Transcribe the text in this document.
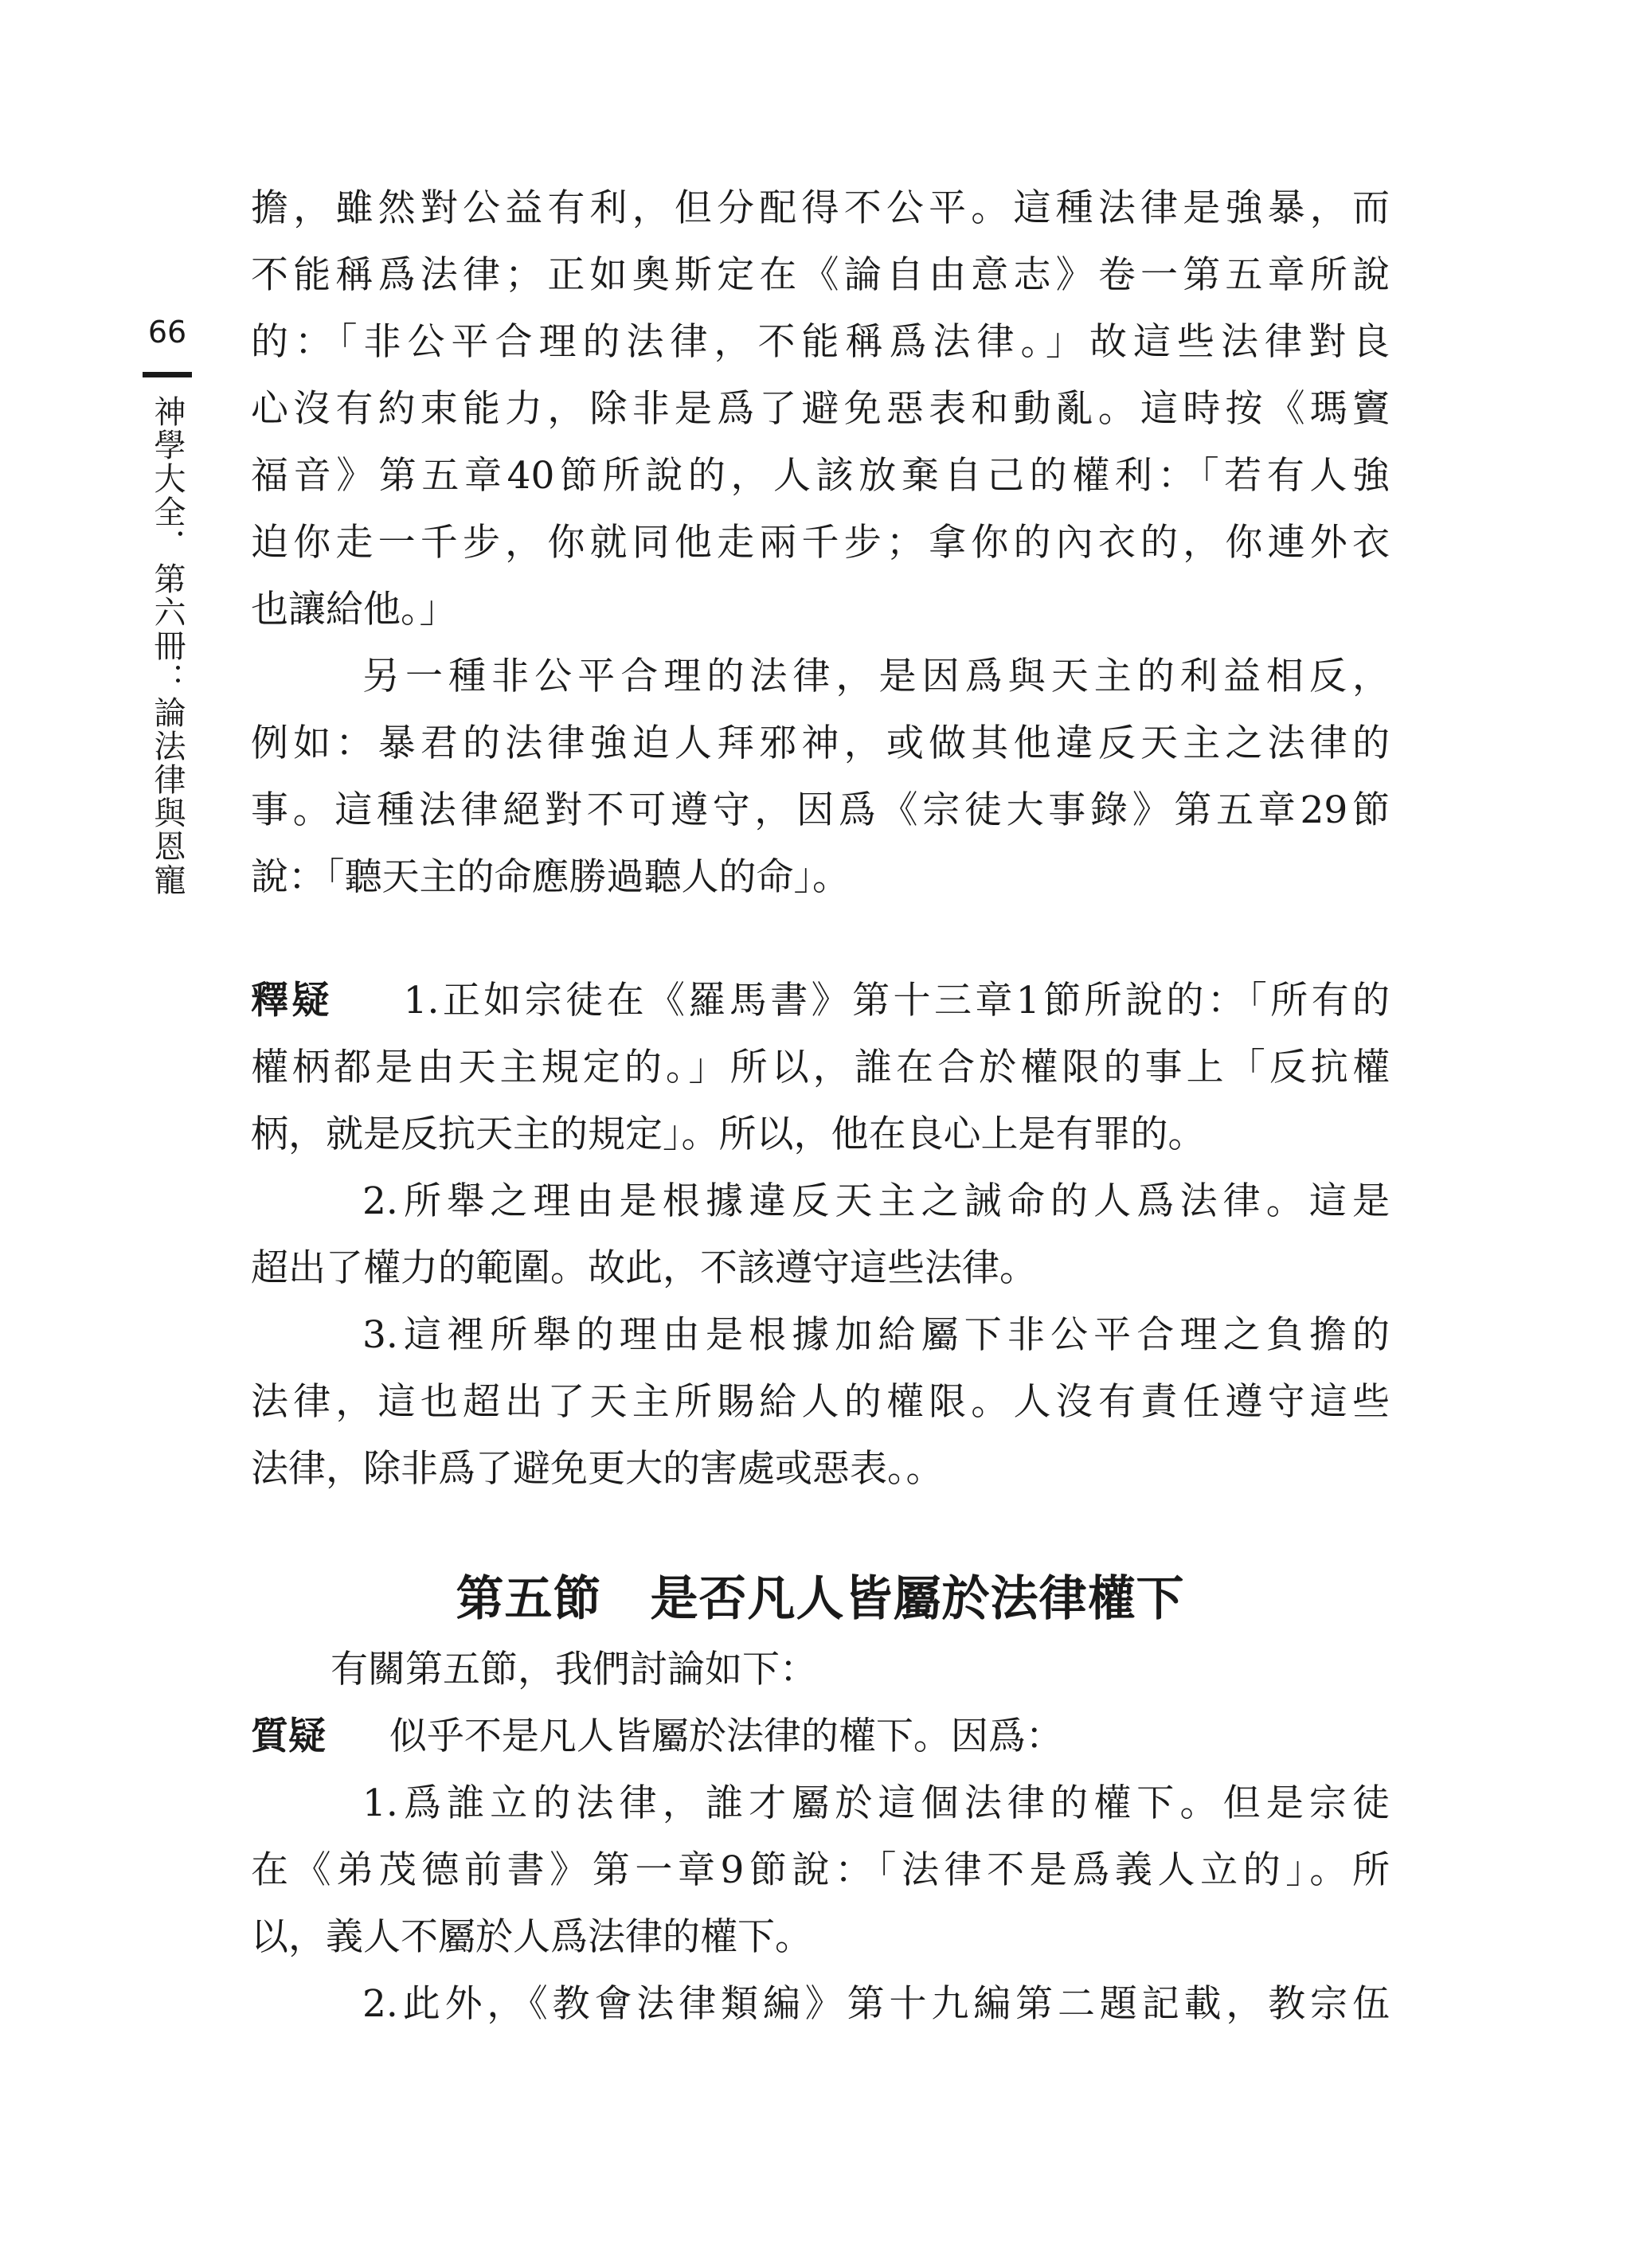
66
神學大全．第六冊：論法律與恩寵
擔，雖然對公益有利，但分配得不公平。這種法律是強暴，而
不能稱爲法律；正如奧斯定在《論自由意志》卷一第五章所說
的：「非公平合理的法律，不能稱爲法律。」故這些法律對良
心沒有約束能力，除非是爲了避免惡表和動亂。這時按《瑪竇
福音》第五章40節所說的，人該放棄自己的權利：「若有人強
迫你走一千步，你就同他走兩千步；拿你的內衣的，你連外衣
也讓給他。」
另一種非公平合理的法律，是因爲與天主的利益相反，
例如：暴君的法律強迫人拜邪神，或做其他違反天主之法律的
事。這種法律絕對不可遵守，因爲《宗徒大事錄》第五章29節
說：「聽天主的命應勝過聽人的命」。
釋疑 1.正如宗徒在《羅馬書》第十三章1節所說的：「所有的
權柄都是由天主規定的。」所以，誰在合於權限的事上「反抗權
柄，就是反抗天主的規定」。所以，他在良心上是有罪的。
2.所舉之理由是根據違反天主之誡命的人爲法律。這是
超出了權力的範圍。故此，不該遵守這些法律。
3.這裡所舉的理由是根據加給屬下非公平合理之負擔的
法律，這也超出了天主所賜給人的權限。人沒有責任遵守這些
法律，除非爲了避免更大的害處或惡表。。
第五節　是否凡人皆屬於法律權下
有關第五節，我們討論如下：
質疑 似乎不是凡人皆屬於法律的權下。因爲：
1.爲誰立的法律，誰才屬於這個法律的權下。但是宗徒
在《弟茂德前書》第一章9節說：「法律不是爲義人立的」。所
以，義人不屬於人爲法律的權下。
2.此外，《教會法律類編》第十九編第二題記載，教宗伍
